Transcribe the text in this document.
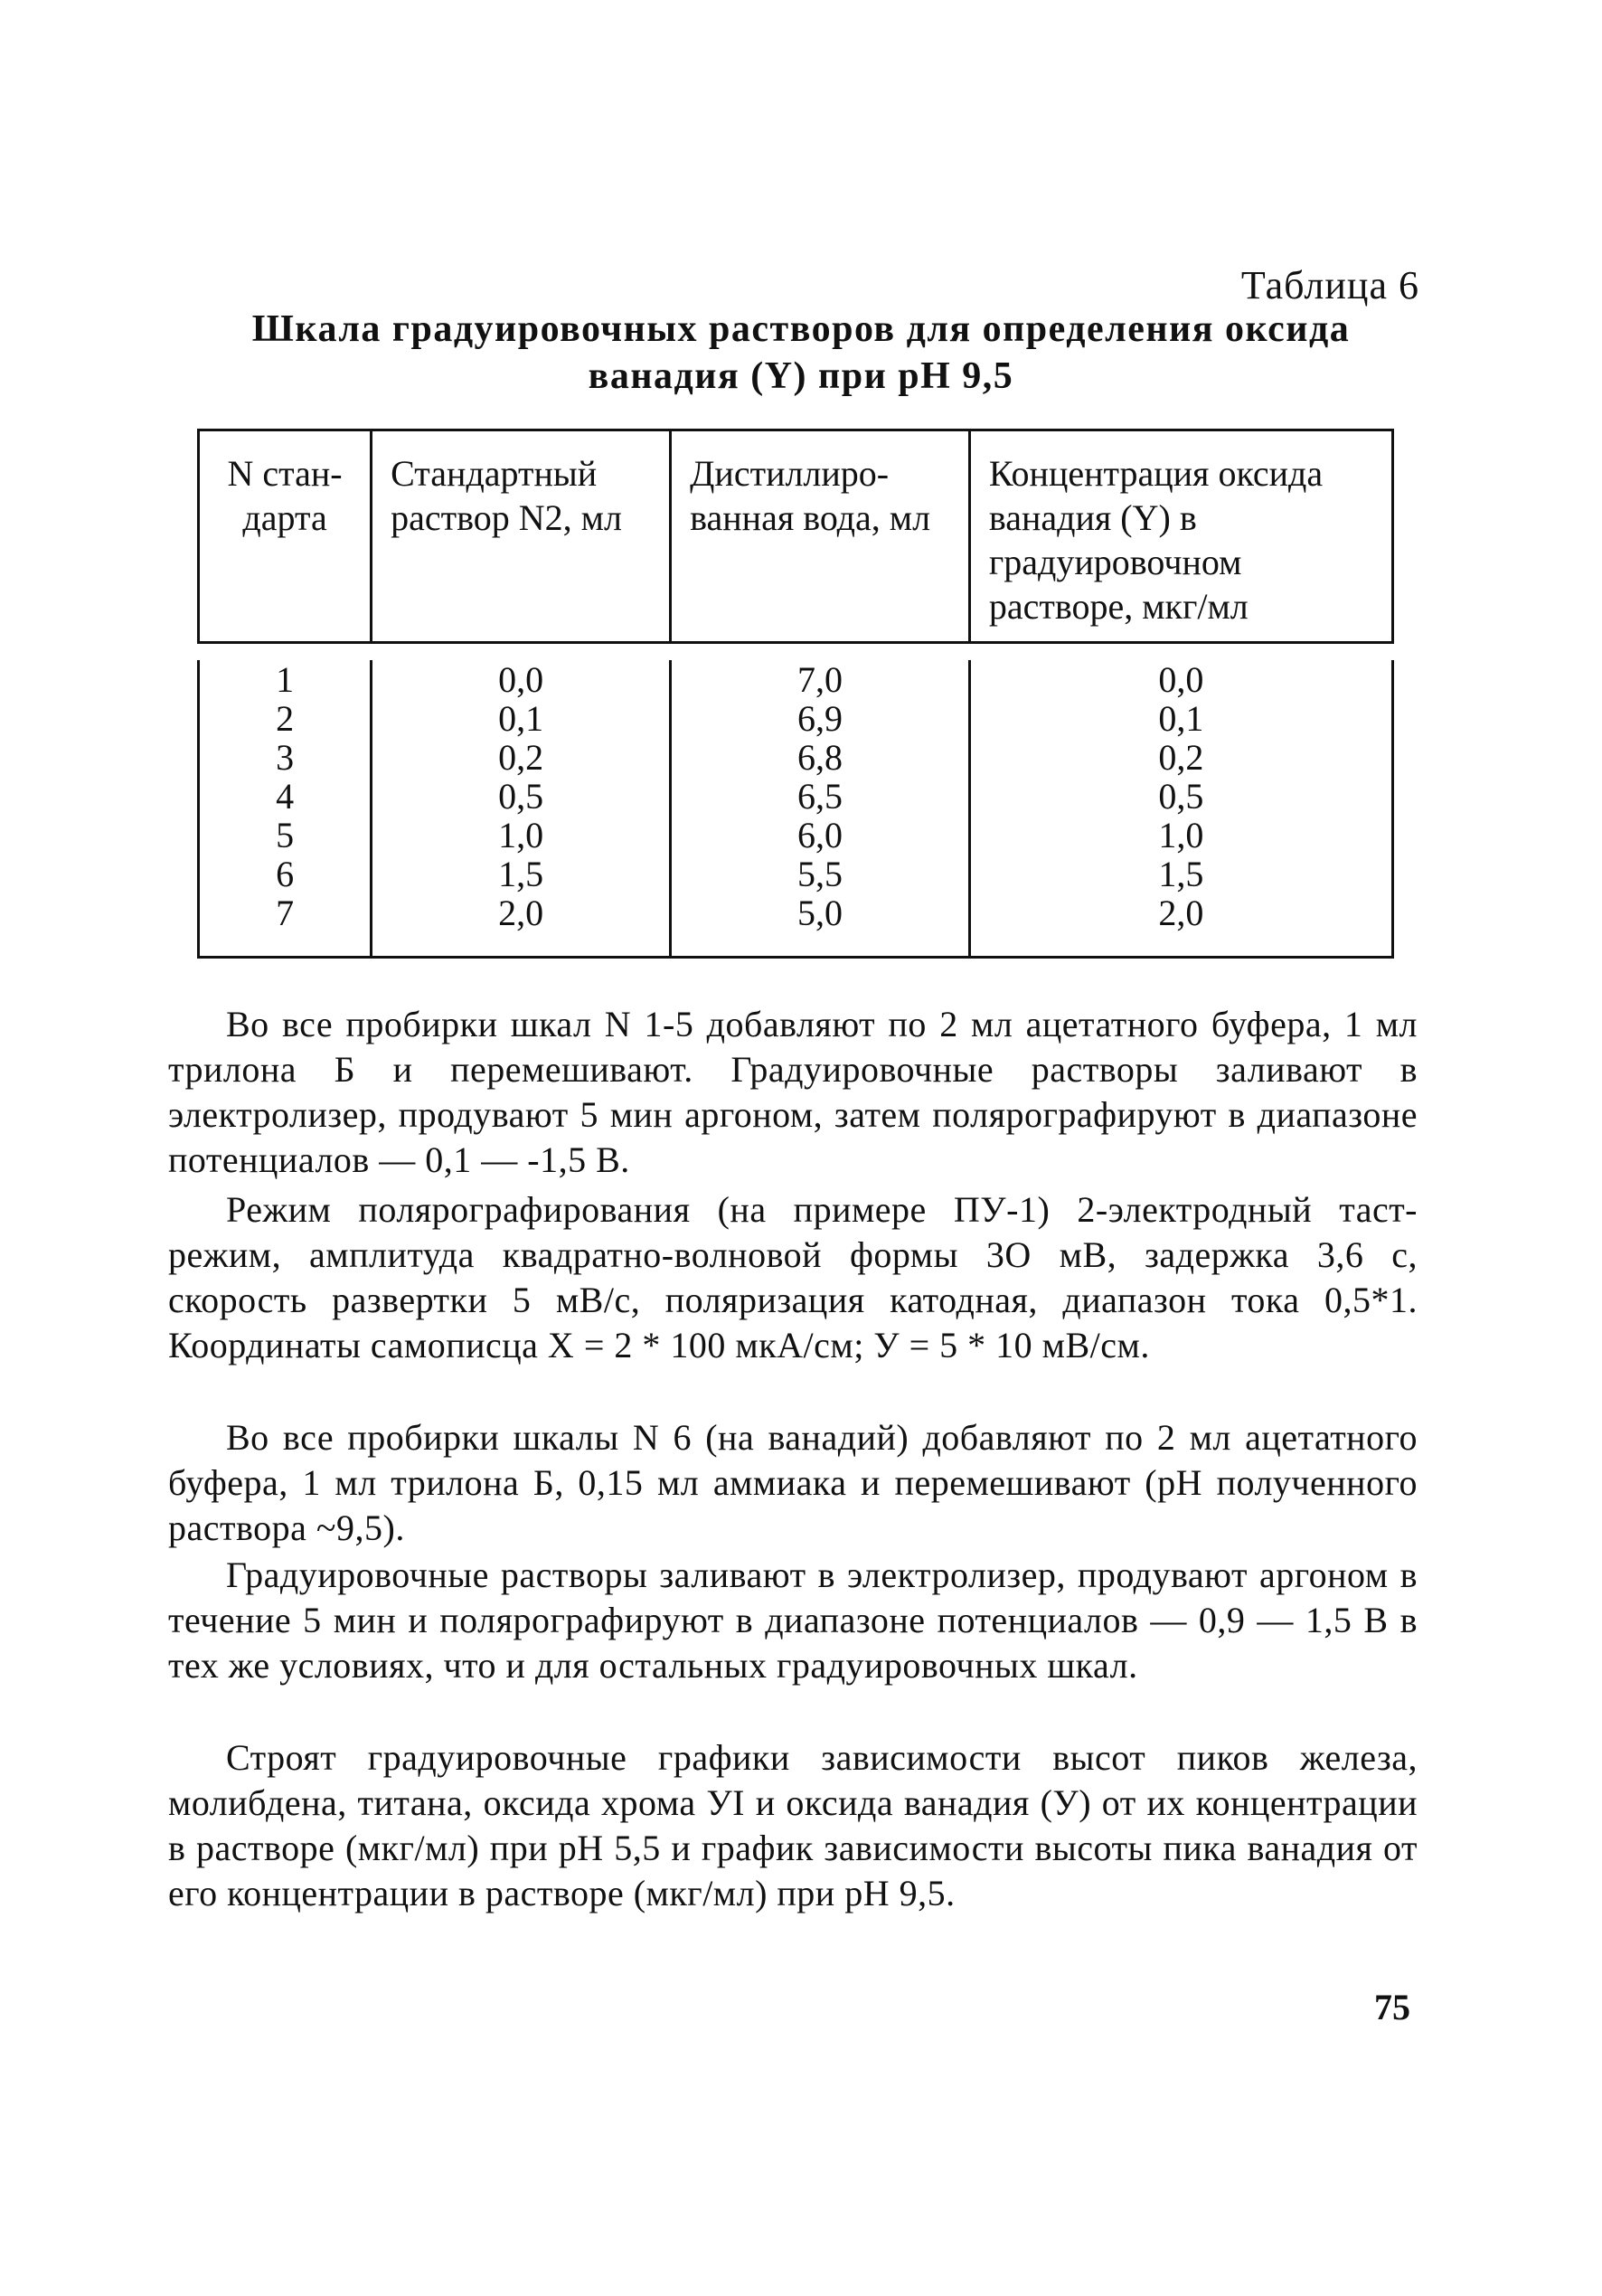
Таблица 6
Шкала градуировочных растворов для определения оксида ванадия (Y) при pH 9,5
N стан- дарта	Стандартный раствор N2, мл	Дистиллиро- ванная вода, мл	Концентрация оксида ванадия (Y) в градуировочном растворе, мкг/мл

1	0,0	7,0	0,0
2	0,1	6,9	0,1
3	0,2	6,8	0,2
4	0,5	6,5	0,5
5	1,0	6,0	1,0
6	1,5	5,5	1,5
7	2,0	5,0	2,0

Во все пробирки шкал N 1-5 добавляют по 2 мл ацетатного буфера, 1 мл трилона Б и перемешивают. Градуировочные растворы заливают в электролизер, продувают 5 мин аргоном, затем полярографируют в диапазоне потенциалов — 0,1 — -1,5 В.

Режим полярографирования (на примере ПУ-1) 2-электродный таст-режим, амплитуда квадратно-волновой формы 3О мВ, задержка 3,6 с, скорость развертки 5 мВ/с, поляризация катодная, диапазон тока 0,5*1. Координаты самописца Х = 2 * 100 мкА/см; У = 5 * 10 мВ/см.

Во все пробирки шкалы N 6 (на ванадий) добавляют по 2 мл ацетатного буфера, 1 мл трилона Б, 0,15 мл аммиака и перемешивают (pH полученного раствора ~9,5).

Градуировочные растворы заливают в электролизер, продувают аргоном в течение 5 мин и полярографируют в диапазоне потенциалов — 0,9 — 1,5 В в тех же условиях, что и для остальных градуировочных шкал.

Строят градуировочные графики зависимости высот пиков железа, молибдена, титана, оксида хрома УI и оксида ванадия (У) от их концентрации в растворе (мкг/мл) при pH 5,5 и график зависимости высоты пика ванадия от его концентрации в растворе (мкг/мл) при pH 9,5.

75
